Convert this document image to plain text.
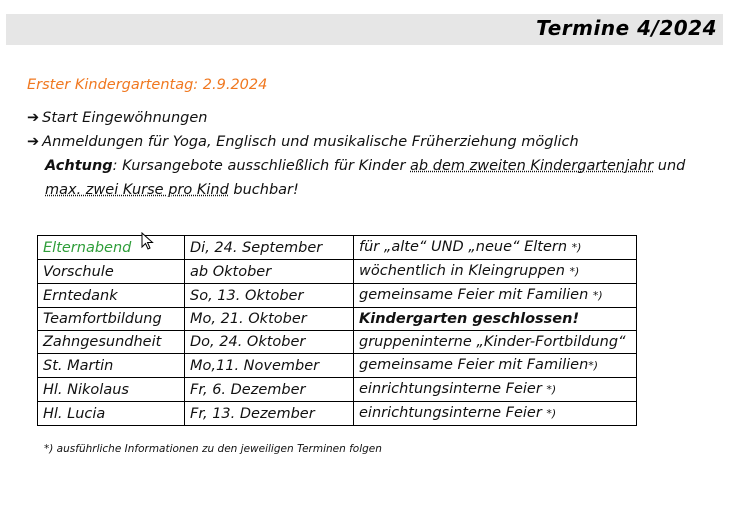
Termine 4/2024
Erster Kindergartentag: 2.9.2024
➔ Start Eingewöhnungen
➔ Anmeldungen für Yoga, Englisch und musikalische Früherziehung möglich
Achtung: Kursangebote ausschließlich für Kinder ab dem zweiten Kindergartenjahr und
max. zwei Kurse pro Kind buchbar!
Elternabend	Di, 24. September	für „alte“ UND „neue“ Eltern *)
Vorschule	ab Oktober	wöchentlich in Kleingruppen *)
Erntedank	So, 13. Oktober	gemeinsame Feier mit Familien *)
Teamfortbildung	Mo, 21. Oktober	Kindergarten geschlossen!
Zahngesundheit	Do, 24. Oktober	gruppeninterne „Kinder-Fortbildung“
St. Martin	Mo,11. November	gemeinsame Feier mit Familien*)
Hl. Nikolaus	Fr, 6. Dezember	einrichtungsinterne Feier *)
Hl. Lucia	Fr, 13. Dezember	einrichtungsinterne Feier *)
*) ausführliche Informationen zu den jeweiligen Terminen folgen
